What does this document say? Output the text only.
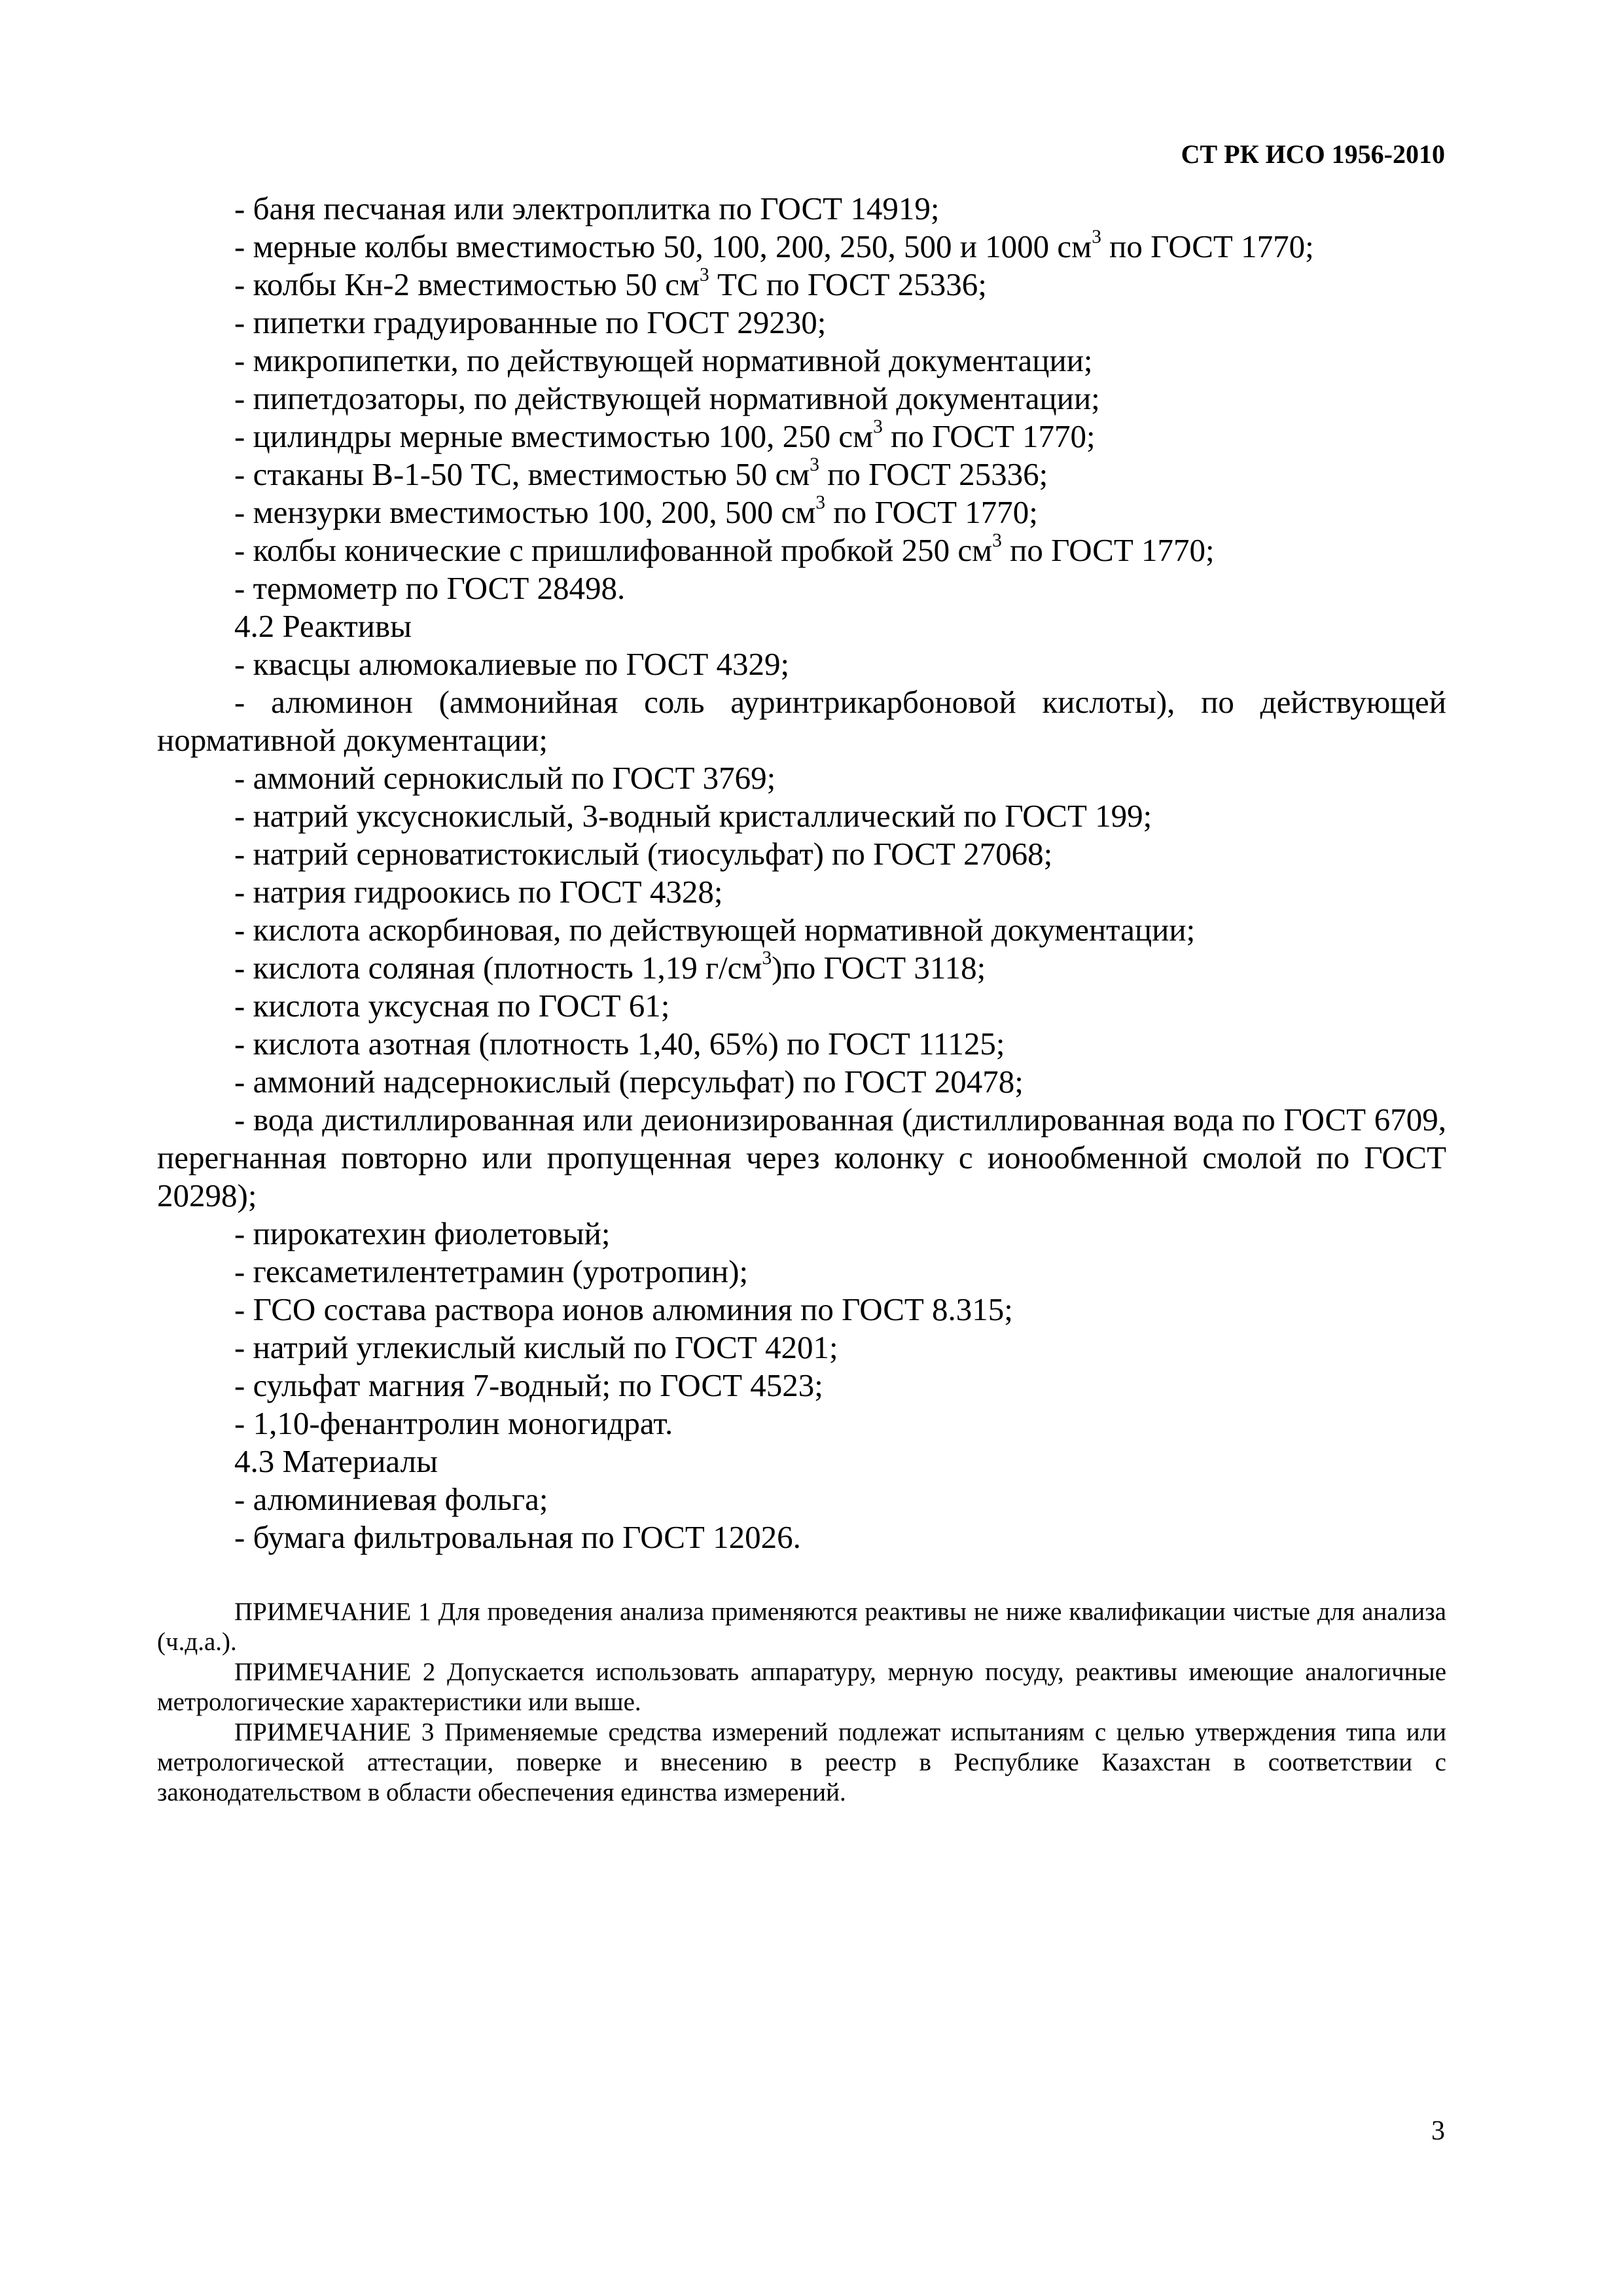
СТ РК ИСО 1956-2010
- баня песчаная или электроплитка по ГОСТ 14919;
- мерные колбы вместимостью 50, 100, 200, 250, 500 и 1000 $см^3$ по ГОСТ 1770;
- колбы Кн-2 вместимостью 50 $см^3$ ТС по ГОСТ 25336;
- пипетки градуированные по ГОСТ 29230;
- микропипетки, по действующей нормативной документации;
- пипетдозаторы, по действующей нормативной документации;
- цилиндры мерные вместимостью 100, 250 $см^3$ по ГОСТ 1770;
- стаканы В-1-50 ТС, вместимостью 50 $см^3$ по ГОСТ 25336;
- мензурки вместимостью 100, 200, 500 $см^3$ по ГОСТ 1770;
- колбы конические с пришлифованной пробкой 250 $см^3$ по ГОСТ 1770;
- термометр по ГОСТ 28498.
4.2 Реактивы
- квасцы алюмокалиевые по ГОСТ 4329;
- алюминон (аммонийная соль ауринтрикарбоновой кислоты), по действующей нормативной документации;
- аммоний сернокислый по ГОСТ 3769;
- натрий уксуснокислый, 3-водный кристаллический по ГОСТ 199;
- натрий серноватистокислый (тиосульфат) по ГОСТ 27068;
- натрия гидроокись по ГОСТ 4328;
- кислота аскорбиновая, по действующей нормативной документации;
- кислота соляная (плотность 1,19 $г/см^3)по$ ГОСТ 3118;
- кислота уксусная по ГОСТ 61;
- кислота азотная (плотность 1,40, 65%) по ГОСТ 11125;
- аммоний надсернокислый (персульфат) по ГОСТ 20478;
- вода дистиллированная или деионизированная (дистиллированная вода по ГОСТ 6709, перегнанная повторно или пропущенная через колонку с ионообменной смолой по ГОСТ 20298);
- пирокатехин фиолетовый;
- гексаметилентетрамин (уротропин);
- ГСО состава раствора ионов алюминия по ГОСТ 8.315;
- натрий углекислый кислый по ГОСТ 4201;
- сульфат магния 7-водный; по ГОСТ 4523;
- 1,10-фенантролин моногидрат.
4.3 Материалы
- алюминиевая фольга;
- бумага фильтровальная по ГОСТ 12026.
ПРИМЕЧАНИЕ 1 Для проведения анализа применяются реактивы не ниже квалификации чистые для анализа (ч.д.а.).
ПРИМЕЧАНИЕ 2 Допускается использовать аппаратуру, мерную посуду, реактивы имеющие аналогичные метрологические характеристики или выше.
ПРИМЕЧАНИЕ 3 Применяемые средства измерений подлежат испытаниям с целью утверждения типа или метрологической аттестации, поверке и внесению в реестр в Республике Казахстан в соответствии с законодательством в области обеспечения единства измерений.
3
